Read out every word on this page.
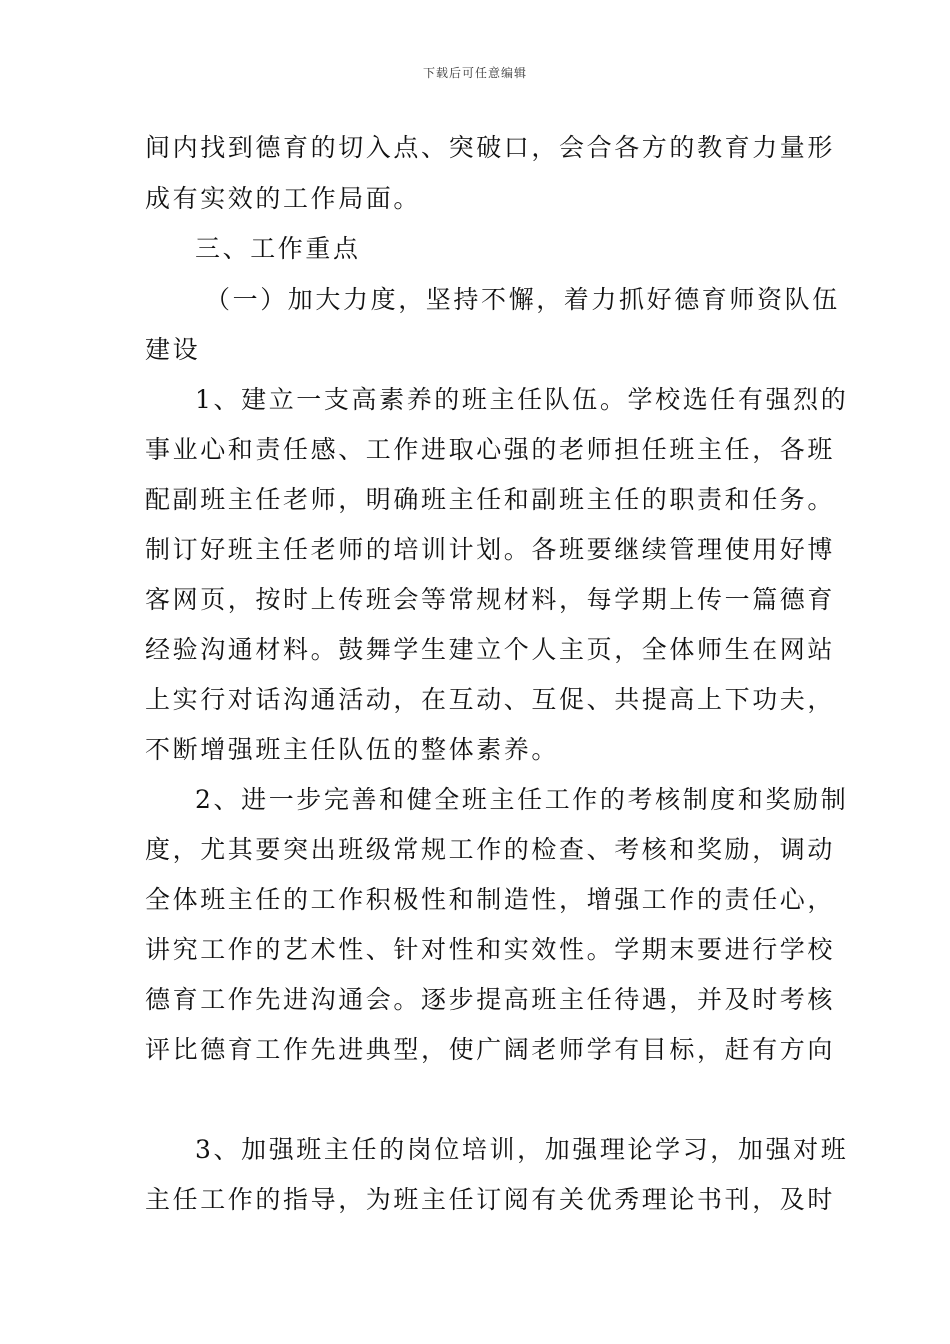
下载后可任意编辑
间内找到德育的切入点、突破口，会合各方的教育力量形
成有实效的工作局面。
三、工作重点
（一）加大力度，坚持不懈，着力抓好德育师资队伍
建设
1、建立一支高素养的班主任队伍。学校选任有强烈的
事业心和责任感、工作进取心强的老师担任班主任，各班
配副班主任老师，明确班主任和副班主任的职责和任务。
制订好班主任老师的培训计划。各班要继续管理使用好博
客网页，按时上传班会等常规材料，每学期上传一篇德育
经验沟通材料。鼓舞学生建立个人主页，全体师生在网站
上实行对话沟通活动，在互动、互促、共提高上下功夫，
不断增强班主任队伍的整体素养。
2、进一步完善和健全班主任工作的考核制度和奖励制
度，尤其要突出班级常规工作的检查、考核和奖励，调动
全体班主任的工作积极性和制造性，增强工作的责任心，
讲究工作的艺术性、针对性和实效性。学期末要进行学校
德育工作先进沟通会。逐步提高班主任待遇，并及时考核
评比德育工作先进典型，使广阔老师学有目标，赶有方向
3、加强班主任的岗位培训，加强理论学习，加强对班
主任工作的指导，为班主任订阅有关优秀理论书刊，及时
